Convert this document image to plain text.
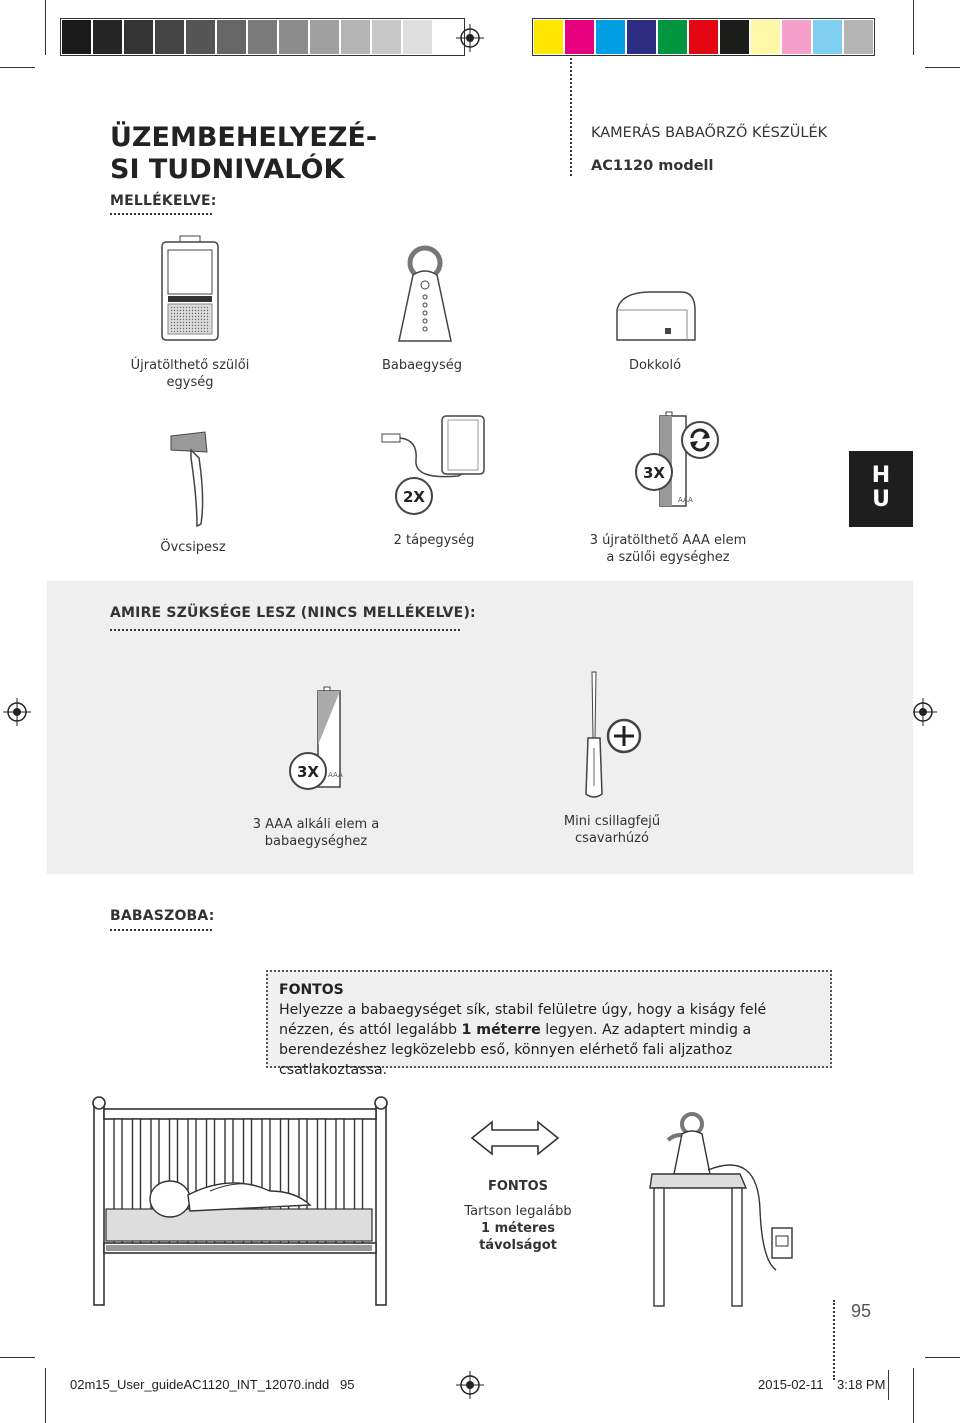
ÜZEMBEHELYEZÉ-
SI TUDNIVALÓK
MELLÉKELVE:
KAMERÁS BABAŐRZŐ KÉSZÜLÉK
AC1120 modell
Újratölthető szülői
egység
Babaegység	Dokkoló
Övcsipesz
2X
2 tápegység
AAA
3X
3 újratölthető AAA elem
a szülői egységhez
H
U
AMIRE SZÜKSÉGE LESZ (NINCS MELLÉKELVE):
AAA
3X
3 AAA alkáli elem a
babaegységhez
Mini csillagfejű
csavarhúzó
BABASZOBA:
FONTOS
Helyezze a babaegységet sík, stabil felületre úgy, hogy a kiságy felé nézzen, és attól legalább 1 méterre legyen. Az adaptert mindig a berendezéshez legközelebb eső, könnyen elérhető fali aljzathoz csatlakoztassa.
FONTOS
Tartson legalább
1 méteres
távolságot
95
02m15_User_guideAC1120_INT_12070.indd   95	2015-02-11 3:18 PM
